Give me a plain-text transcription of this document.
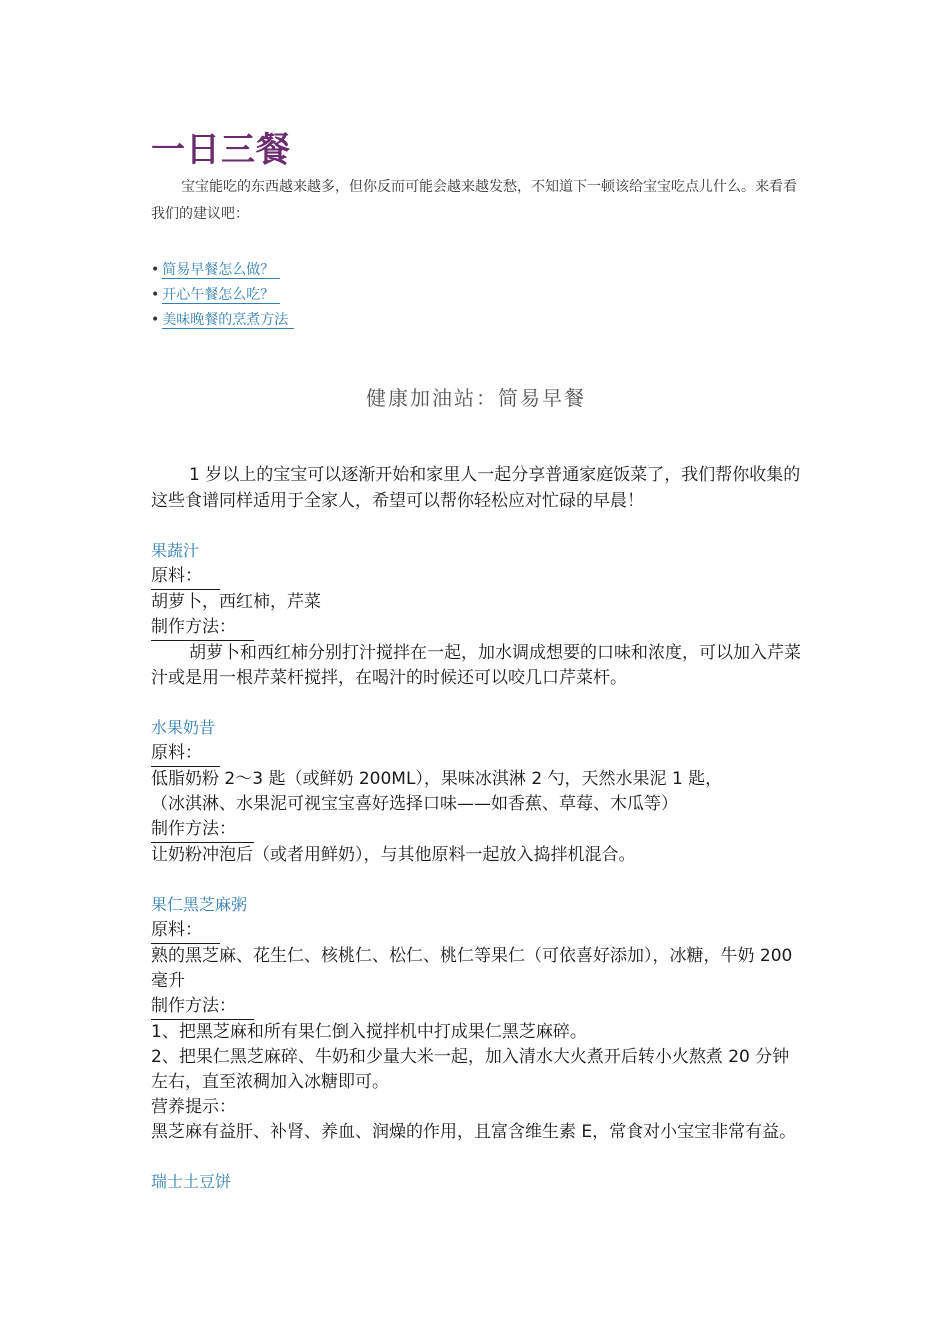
一日三餐

宝宝能吃的东西越来越多，但你反而可能会越来越发愁，不知道下一顿该给宝宝吃点儿什么。来看看我们的建议吧：

• 简易早餐怎么做？
• 开心午餐怎么吃？
• 美味晚餐的烹煮方法
健康加油站：简易早餐

1 岁以上的宝宝可以逐渐开始和家里人一起分享普通家庭饭菜了，我们帮你收集的这些食谱同样适用于全家人，希望可以帮你轻松应对忙碌的早晨！

果蔬汁
原料：

胡萝卜，西红柿，芹菜

制作方法：

胡萝卜和西红柿分别打汁搅拌在一起，加水调成想要的口味和浓度，可以加入芹菜汁或是用一根芹菜杆搅拌，在喝汁的时候还可以咬几口芹菜杆。

水果奶昔
原料：

低脂奶粉 2～3 匙（或鲜奶 200ML），果味冰淇淋 2 勺，天然水果泥 1 匙，

（冰淇淋、水果泥可视宝宝喜好选择口味——如香蕉、草莓、木瓜等）

制作方法：

让奶粉冲泡后（或者用鲜奶），与其他原料一起放入捣拌机混合。

果仁黑芝麻粥
原料：

熟的黑芝麻、花生仁、核桃仁、松仁、桃仁等果仁（可依喜好添加），冰糖，牛奶 200 毫升

制作方法：

1、把黑芝麻和所有果仁倒入搅拌机中打成果仁黑芝麻碎。

2、把果仁黑芝麻碎、牛奶和少量大米一起，加入清水大火煮开后转小火熬煮 20 分钟左右，直至浓稠加入冰糖即可。

营养提示：

黑芝麻有益肝、补肾、养血、润燥的作用，且富含维生素 E，常食对小宝宝非常有益。

瑞士土豆饼
